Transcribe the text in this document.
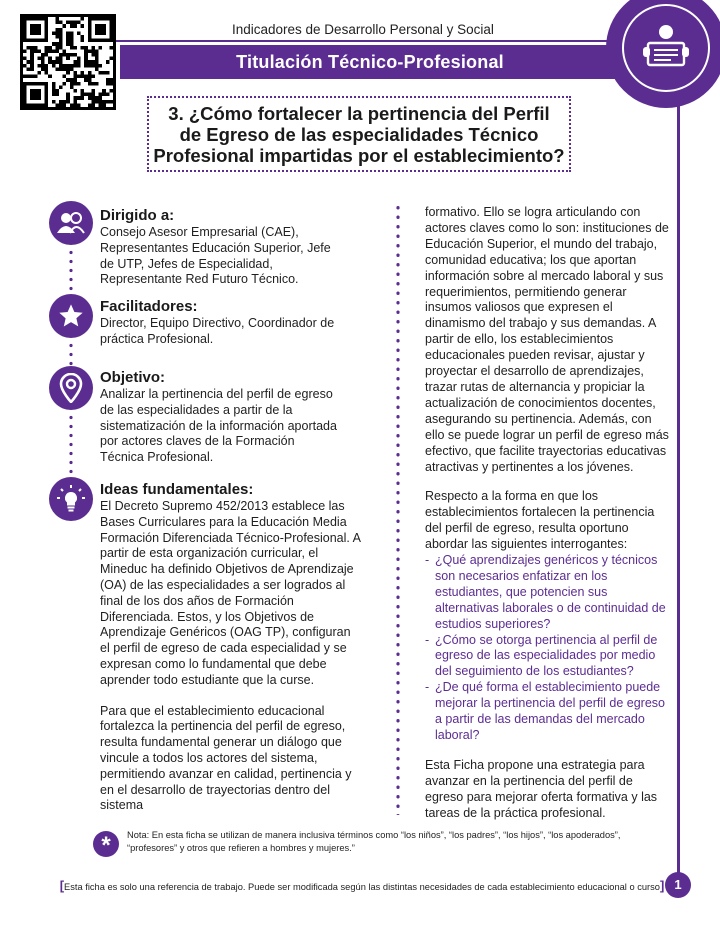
Indicadores de Desarrollo Personal y Social
Titulación Técnico-Profesional
3. ¿Cómo fortalecer la pertinencia del Perfil
de Egreso de las especialidades Técnico
Profesional impartidas por el establecimiento?
Dirigido a:

Consejo Asesor Empresarial (CAE), Representantes Educación Superior, Jefe de UTP, Jefes de Especialidad, Representante Red Futuro Técnico.

Facilitadores:

Director, Equipo Directivo, Coordinador de práctica Profesional.

Objetivo:

Analizar la pertinencia del perfil de egreso de las especialidades a partir de la sistematización de la información aportada por actores claves de la Formación Técnica Profesional.

Ideas fundamentales:

El Decreto Supremo 452/2013 establece las Bases Curriculares para la Educación Media Formación Diferenciada Técnico-Profesional. A partir de esta organización curricular, el Mineduc ha definido Objetivos de Aprendizaje (OA) de las especialidades a ser logrados al final de los dos años de Formación Diferenciada. Estos, y los Objetivos de Aprendizaje Genéricos (OAG TP), configuran el perfil de egreso de cada especialidad y se expresan como lo fundamental que debe aprender todo estudiante que la curse.

Para que el establecimiento educacional fortalezca la pertinencia del perfil de egreso, resulta fundamental generar un diálogo que vincule a todos los actores del sistema, permitiendo avanzar en calidad, pertinencia y en el desarrollo de trayectorias dentro del sistema

formativo. Ello se logra articulando con actores claves como lo son: instituciones de Educación Superior, el mundo del trabajo, comunidad educativa; los que aportan información sobre al mercado laboral y sus requerimientos, permitiendo generar insumos valiosos que expresen el dinamismo del trabajo y sus demandas. A partir de ello, los establecimientos educacionales pueden revisar, ajustar y proyectar el desarrollo de aprendizajes, trazar rutas de alternancia y propiciar la actualización de conocimientos docentes, asegurando su pertinencia. Además, con ello se puede lograr un perfil de egreso más efectivo, que facilite trayectorias educativas atractivas y pertinentes a los jóvenes.

Respecto a la forma en que los establecimientos fortalecen la pertinencia del perfil de egreso, resulta oportuno abordar las siguientes interrogantes:

- ¿Qué aprendizajes genéricos y técnicos son necesarios enfatizar en los estudiantes, que potencien sus alternativas laborales o de continuidad de estudios superiores?
- ¿Cómo se otorga pertinencia al perfil de egreso de las especialidades por medio del seguimiento de los estudiantes?
- ¿De qué forma el establecimiento puede mejorar la pertinencia del perfil de egreso a partir de las demandas del mercado laboral?

Esta Ficha propone una estrategia para avanzar en la pertinencia del perfil de egreso para mejorar oferta formativa y las tareas de la práctica profesional.

*	Nota: En esta ficha se utilizan de manera inclusiva términos como “los niños”, “los padres”, “los hijos”, “los apoderados”, “profesores” y otros que refieren a hombres y mujeres.”
[Esta ficha es solo una referencia de trabajo. Puede ser modificada según las distintas necesidades de cada establecimiento educacional o curso] 1
